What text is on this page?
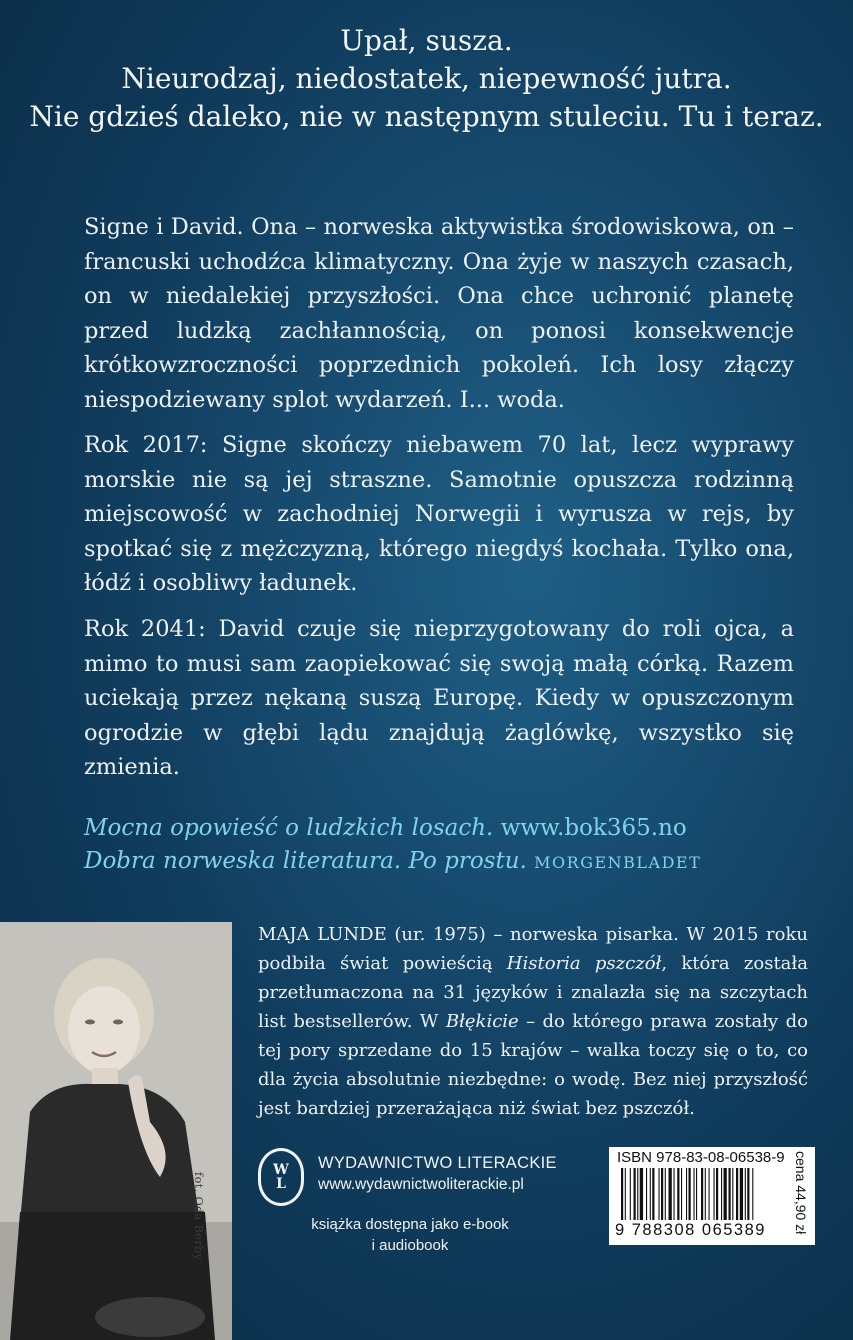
Upał, susza.
Nieurodzaj, niedostatek, niepewność jutra.
Nie gdzieś daleko, nie w następnym stuleciu. Tu i teraz.
Signe i David. Ona – norweska aktywistka środowiskowa, on – francuski uchodźca klimatyczny. Ona żyje w naszych czasach, on w niedalekiej przyszłości. Ona chce uchronić planetę przed ludzką zachłannością, on ponosi konsekwencje krótkowzroczności poprzednich pokoleń. Ich losy złączy niespodziewany splot wydarzeń. I... woda.
Rok 2017: Signe skończy niebawem 70 lat, lecz wyprawy morskie nie są jej straszne. Samotnie opuszcza rodzinną miejscowość w zachodniej Norwegii i wyrusza w rejs, by spotkać się z mężczyzną, którego niegdyś kochała. Tylko ona, łódź i osobliwy ładunek.
Rok 2041: David czuje się nieprzygotowany do roli ojca, a mimo to musi sam zaopiekować się swoją małą córką. Razem uciekają przez nękaną suszą Europę. Kiedy w opuszczonym ogrodzie w głębi lądu znajdują żaglówkę, wszystko się zmienia.
Mocna opowieść o ludzkich losach. www.bok365.no
Dobra norweska literatura. Po prostu. MORGENBLADET
fot. Oda Berby
MAJA LUNDE (ur. 1975) – norweska pisarka. W 2015 roku podbiła świat powieścią Historia pszczół, która została przetłumaczona na 31 języków i znalazła się na szczytach list bestsellerów. W Błękicie – do którego prawa zostały do tej pory sprzedane do 15 krajów – walka toczy się o to, co dla życia absolutnie niezbędne: o wodę. Bez niej przyszłość jest bardziej przerażająca niż świat bez pszczół.
W
L
WYDAWNICTWO LITERACKIE
www.wydawnictwoliterackie.pl
książka dostępna jako e-book
i audiobook
ISBN 978-83-08-06538-9
9 788308 065389 cena 44,90 zł
